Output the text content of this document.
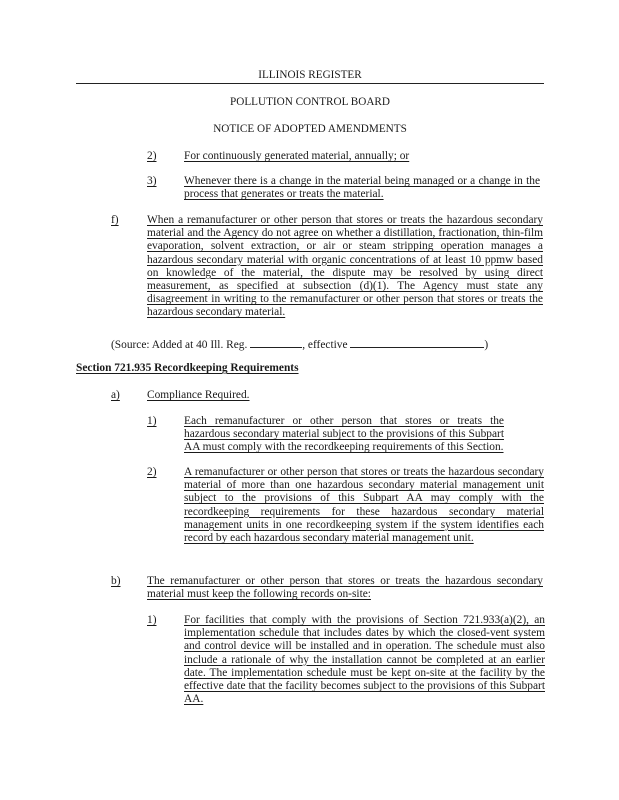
ILLINOIS REGISTER
POLLUTION CONTROL BOARD
NOTICE OF ADOPTED AMENDMENTS
2) For continuously generated material, annually; or
3) Whenever there is a change in the material being managed or a change in the process that generates or treats the material.
f) When a remanufacturer or other person that stores or treats the hazardous secondary material and the Agency do not agree on whether a distillation, fractionation, thin-film evaporation, solvent extraction, or air or steam stripping operation manages a hazardous secondary material with organic concentrations of at least 10 ppmw based on knowledge of the material, the dispute may be resolved by using direct measurement, as specified at subsection (d)(1). The Agency must state any disagreement in writing to the remanufacturer or other person that stores or treats the hazardous secondary material.
(Source: Added at 40 Ill. Reg.	, effective	)
Section 721.935 Recordkeeping Requirements
a) Compliance Required.
1) Each remanufacturer or other person that stores or treats the hazardous secondary material subject to the provisions of this Subpart AA must comply with the recordkeeping requirements of this Section.
2) A remanufacturer or other person that stores or treats the hazardous secondary material of more than one hazardous secondary material management unit subject to the provisions of this Subpart AA may comply with the recordkeeping requirements for these hazardous secondary material management units in one recordkeeping system if the system identifies each record by each hazardous secondary material management unit.
b) The remanufacturer or other person that stores or treats the hazardous secondary material must keep the following records on-site:
1) For facilities that comply with the provisions of Section 721.933(a)(2), an implementation schedule that includes dates by which the closed-vent system and control device will be installed and in operation. The schedule must also include a rationale of why the installation cannot be completed at an earlier date. The implementation schedule must be kept on-site at the facility by the effective date that the facility becomes subject to the provisions of this Subpart AA.
